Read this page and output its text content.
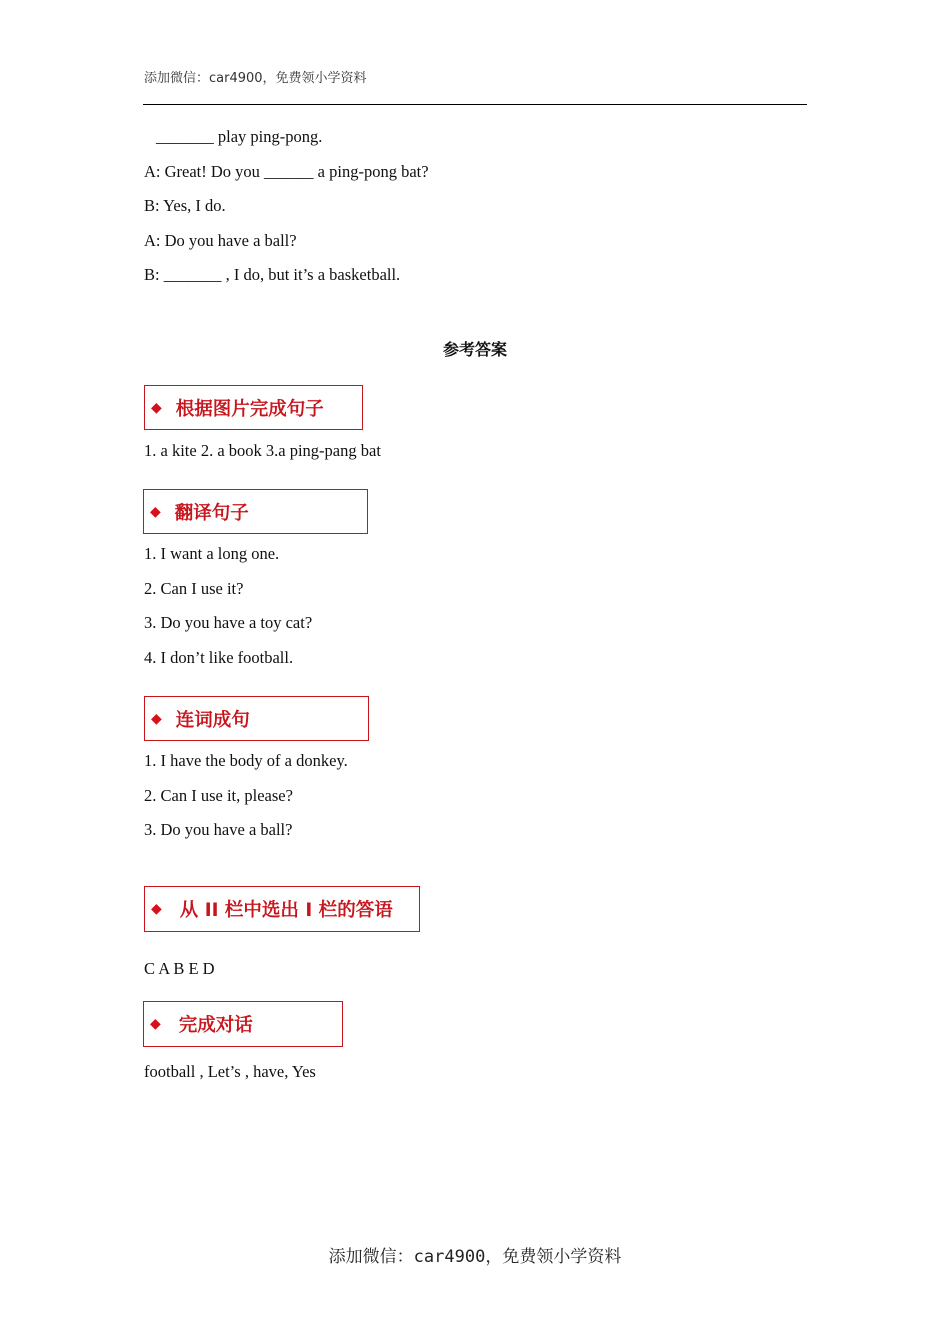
添加微信：car4900，免费领小学资料
_______ play ping-pong.
A: Great! Do you ______ a ping-pong bat?
B: Yes, I do.
A: Do you have a ball?
B: _______ , I do, but it’s a basketball.
参考答案
◆ 根据图片完成句子
1. a kite 2. a book 3.a ping-pang bat
◆ 翻译句子
1. I want a long one.
2. Can I use it?
3. Do you have a toy cat?
4. I don’t like football.
◆ 连词成句
1. I have the body of a donkey.
2. Can I use it, please?
3. Do you have a ball?
◆ 从 II 栏中选出 I 栏的答语
C A B E D
◆ 完成对话
football , Let’s , have, Yes
添加微信：car4900，免费领小学资料
